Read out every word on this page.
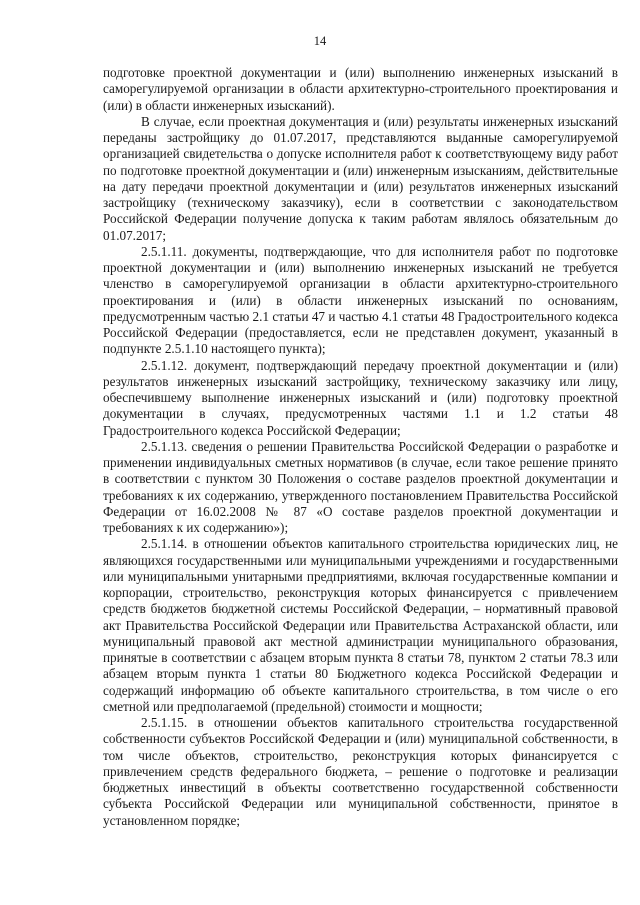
14

подготовке проектной документации и (или) выполнению инженерных изысканий в саморегулируемой организации в области архитектурно-строительного проектирования и (или) в области инженерных изысканий).

В случае, если проектная документация и (или) результаты инженерных изысканий переданы застройщику до 01.07.2017, представляются выданные саморегулируемой организацией свидетельства о допуске исполнителя работ к соответствующему виду работ по подготовке проектной документации и (или) инженерным изысканиям, действительные на дату передачи проектной документации и (или) результатов инженерных изысканий застройщику (техническому заказчику), если в соответствии с законодательством Российской Федерации получение допуска к таким работам являлось обязательным до 01.07.2017;

2.5.1.11. документы, подтверждающие, что для исполнителя работ по подготовке проектной документации и (или) выполнению инженерных изысканий не требуется членство в саморегулируемой организации в области архитектурно-строительного проектирования и (или) в области инженерных изысканий по основаниям, предусмотренным частью 2.1 статьи 47 и частью 4.1 статьи 48 Градостроительного кодекса Российской Федерации (предоставляется, если не представлен документ, указанный в подпункте 2.5.1.10 настоящего пункта);

2.5.1.12. документ, подтверждающий передачу проектной документации и (или) результатов инженерных изысканий застройщику, техническому заказчику или лицу, обеспечившему выполнение инженерных изысканий и (или) подготовку проектной документации в случаях, предусмотренных частями 1.1 и 1.2 статьи 48 Градостроительного кодекса Российской Федерации;

2.5.1.13. сведения о решении Правительства Российской Федерации о разработке и применении индивидуальных сметных нормативов (в случае, если такое решение принято в соответствии с пунктом 30 Положения о составе разделов проектной документации и требованиях к их содержанию, утвержденного постановлением Правительства Российской Федерации от 16.02.2008 № 87 «О составе разделов проектной документации и требованиях к их содержанию»);

2.5.1.14. в отношении объектов капитального строительства юридических лиц, не являющихся государственными или муниципальными учреждениями и государственными или муниципальными унитарными предприятиями, включая государственные компании и корпорации, строительство, реконструкция которых финансируется с привлечением средств бюджетов бюджетной системы Российской Федерации, – нормативный правовой акт Правительства Российской Федерации или Правительства Астраханской области, или муниципальный правовой акт местной администрации муниципального образования, принятые в соответствии с абзацем вторым пункта 8 статьи 78, пунктом 2 статьи 78.3 или абзацем вторым пункта 1 статьи 80 Бюджетного кодекса Российской Федерации и содержащий информацию об объекте капитального строительства, в том числе о его сметной или предполагаемой (предельной) стоимости и мощности;

2.5.1.15. в отношении объектов капитального строительства государственной собственности субъектов Российской Федерации и (или) муниципальной собственности, в том числе объектов, строительство, реконструкция которых финансируется с привлечением средств федерального бюджета, – решение о подготовке и реализации бюджетных инвестиций в объекты соответственно государственной собственности субъекта Российской Федерации или муниципальной собственности, принятое в установленном порядке;
